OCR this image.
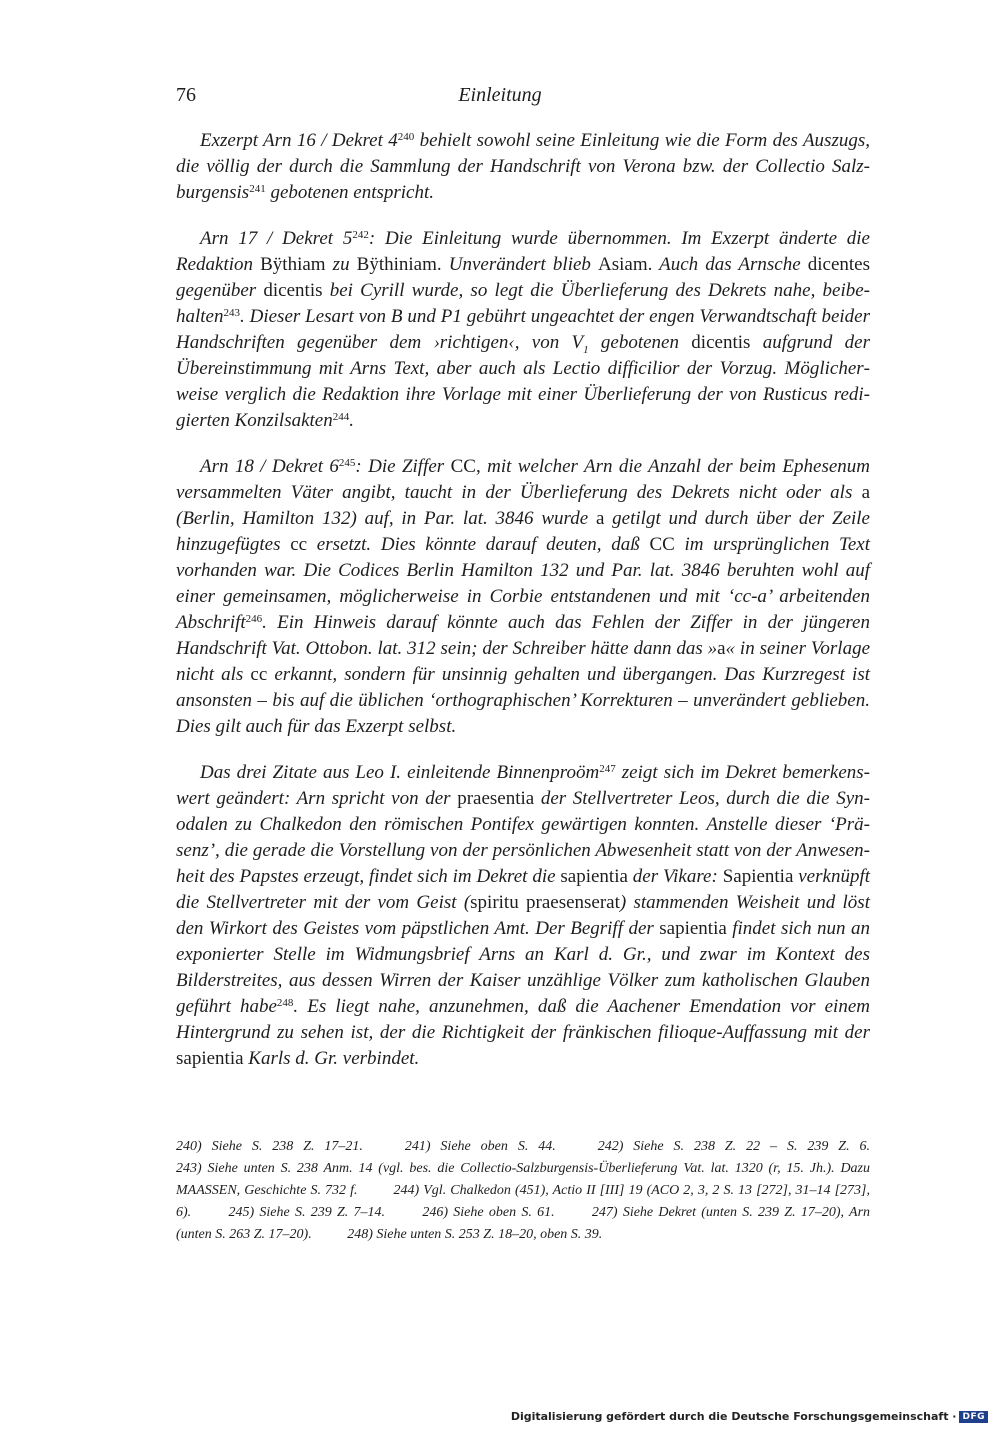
76	Einleitung

Exzerpt Arn 16 / Dekret $4^{240}$ behielt sowohl seine Einleitung wie die Form des Auszugs, die völlig der durch die Sammlung der Handschrift von Verona bzw. der Collectio Salzburgensis$^{241}$ gebotenen entspricht.

Arn 17 / Dekret $5^{242}$: Die Einleitung wurde übernommen. Im Exzerpt änderte die Redaktion Bÿthiam zu Bÿthiniam. Unverändert blieb Asiam. Auch das Arnsche dicentes gegenüber dicentis bei Cyrill wurde, so legt die Überlieferung des Dekrets nahe, beibehalten$^{243}$. Dieser Lesart von B und P1 gebührt ungeachtet der engen Verwandtschaft beider Handschriften gegenüber dem ›richtigen‹, von $V_1$ gebotenen dicentis aufgrund der Übereinstimmung mit Arns Text, aber auch als Lectio difficilior der Vorzug. Möglicherweise verglich die Redaktion ihre Vorlage mit einer Überlieferung der von Rusticus redigierten Konzilsakten$^{244}$.

Arn 18 / Dekret $6^{245}$: Die Ziffer CC, mit welcher Arn die Anzahl der beim Ephesenum versammelten Väter angibt, taucht in der Überlieferung des Dekrets nicht oder als a (Berlin, Hamilton 132) auf, in Par. lat. 3846 wurde a getilgt und durch über der Zeile hinzugefügtes cc ersetzt. Dies könnte darauf deuten, daß CC im ursprünglichen Text vorhanden war. Die Codices Berlin Hamilton 132 und Par. lat. 3846 beruhten wohl auf einer gemeinsamen, möglicherweise in Corbie entstandenen und mit ‘cc-a’ arbeitenden Abschrift$^{246}$. Ein Hinweis darauf könnte auch das Fehlen der Ziffer in der jüngeren Handschrift Vat. Ottobon. lat. 312 sein; der Schreiber hätte dann das »a« in seiner Vorlage nicht als cc erkannt, sondern für unsinnig gehalten und übergangen. Das Kurzregest ist ansonsten – bis auf die üblichen ‘orthographischen’ Korrekturen – unverändert geblieben. Dies gilt auch für das Exzerpt selbst.

Das drei Zitate aus Leo I. einleitende Binnenproöm$^{247}$ zeigt sich im Dekret bemerkenswert geändert: Arn spricht von der praesentia der Stellvertreter Leos, durch die die Synodalen zu Chalkedon den römischen Pontifex gewärtigen konnten. Anstelle dieser ‘Präsenz’, die gerade die Vorstellung von der persönlichen Abwesenheit statt von der Anwesenheit des Papstes erzeugt, findet sich im Dekret die sapientia der Vikare: Sapientia verknüpft die Stellvertreter mit der vom Geist (spiritu praesenserat) stammenden Weisheit und löst den Wirkort des Geistes vom päpstlichen Amt. Der Begriff der sapientia findet sich nun an exponierter Stelle im Widmungsbrief Arns an Karl d. Gr., und zwar im Kontext des Bilderstreites, aus dessen Wirren der Kaiser unzählige Völker zum katholischen Glauben geführt habe$^{248}$. Es liegt nahe, anzunehmen, daß die Aachener Emendation vor einem Hintergrund zu sehen ist, der die Richtigkeit der fränkischen filioque-Auffassung mit der sapientia Karls d. Gr. verbindet.

240) Siehe S. 238 Z. 17–21.	241) Siehe oben S. 44.	242) Siehe S. 238 Z. 22 – S. 239 Z. 6.

243) Siehe unten S. 238 Anm. 14 (vgl. bes. die Collectio-Salzburgensis-Überlieferung Vat. lat. 1320 (r, 15. Jh.). Dazu MAASSEN, Geschichte S. 732 f.	244) Vgl. Chalkedon (451), Actio II [III] 19 (ACO 2, 3, 2 S. 13 [272], 31–14 [273], 6).	245) Siehe S. 239 Z. 7–14.	246) Siehe oben S. 61.	247) Siehe Dekret (unten S. 239 Z. 17–20), Arn (unten S. 263 Z. 17–20).	248) Siehe unten S. 253 Z. 18–20, oben S. 39.

Digitalisierung gefördert durch die Deutsche Forschungsgemeinschaft · DFG
